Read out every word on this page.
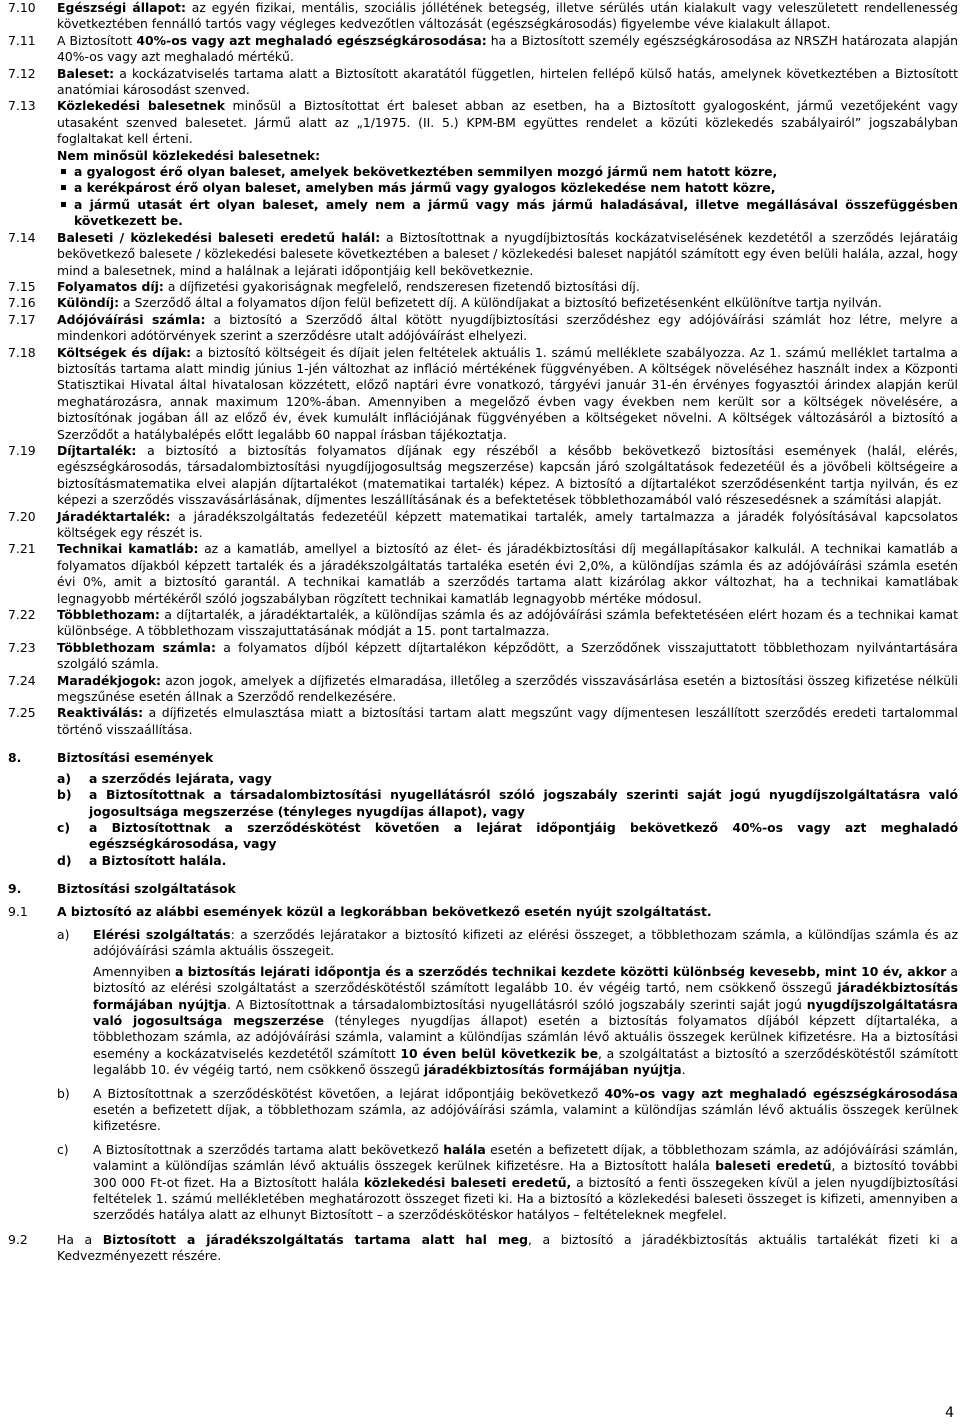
7.10	Egészségi állapot: az egyén fizikai, mentális, szociális jóllétének betegség, illetve sérülés után kialakult vagy veleszületett rendellenesség következtében fennálló tartós vagy végleges kedvezőtlen változását (egészségkárosodás) figyelembe véve kialakult állapot.
7.11	A Biztosított 40%-os vagy azt meghaladó egészségkárosodása: ha a Biztosított személy egészségkárosodása az NRSZH határozata alapján 40%-os vagy azt meghaladó mértékű.
7.12	Baleset: a kockázatviselés tartama alatt a Biztosított akaratától független, hirtelen fellépő külső hatás, amelynek következtében a Biztosított anatómiai károsodást szenved.
7.13	Közlekedési balesetnek minősül a Biztosítottat ért baleset abban az esetben, ha a Biztosított gyalogosként, jármű vezetőjeként vagy utasaként szenved balesetet. Jármű alatt az „1/1975. (II. 5.) KPM-BM együttes rendelet a közúti közlekedés szabályairól” jogszabályban foglaltakat kell érteni.
Nem minősül közlekedési balesetnek:
a gyalogost érő olyan baleset, amelyek bekövetkeztében semmilyen mozgó jármű nem hatott közre,
a kerékpárost érő olyan baleset, amelyben más jármű vagy gyalogos közlekedése nem hatott közre,
a jármű utasát ért olyan baleset, amely nem a jármű vagy más jármű haladásával, illetve megállásával összefüggésben következett be.
7.14	Baleseti / közlekedési baleseti eredetű halál: a Biztosítottnak a nyugdíjbiztosítás kockázatviselésének kezdetétől a szerződés lejáratáig bekövetkező balesete / közlekedési balesete következtében a baleset / közlekedési baleset napjától számított egy éven belüli halála, azzal, hogy mind a balesetnek, mind a halálnak a lejárati időpontjáig kell bekövetkeznie.
7.15	Folyamatos díj: a díjfizetési gyakoriságnak megfelelő, rendszeresen fizetendő biztosítási díj.
7.16	Különdíj: a Szerződő által a folyamatos díjon felül befizetett díj. A különdíjakat a biztosító befizetésenként elkülönítve tartja nyilván.
7.17	Adójóváírási számla: a biztosító a Szerződő által kötött nyugdíjbiztosítási szerződéshez egy adójóváírási számlát hoz létre, melyre a mindenkori adótörvények szerint a szerződésre utalt adójóváírást elhelyezi.
7.18	Költségek és díjak: a biztosító költségeit és díjait jelen feltételek aktuális 1. számú melléklete szabályozza. Az 1. számú melléklet tartalma a biztosítás tartama alatt mindig június 1-jén változhat az infláció mértékének függvényében. A költségek növeléséhez használt index a Központi Statisztikai Hivatal által hivatalosan közzétett, előző naptári évre vonatkozó, tárgyévi január 31-én érvényes fogyasztói árindex alapján kerül meghatározásra, annak maximum 120%-ában. Amennyiben a megelőző évben vagy években nem került sor a költségek növelésére, a biztosítónak jogában áll az előző év, évek kumulált inflációjának függvényében a költségeket növelni. A költségek változásáról a biztosító a Szerződőt a hatálybalépés előtt legalább 60 nappal írásban tájékoztatja.
7.19	Díjtartalék: a biztosító a biztosítás folyamatos díjának egy részéből a később bekövetkező biztosítási események (halál, elérés, egészségkárosodás, társadalombiztosítási nyugdíjjogosultság megszerzése) kapcsán járó szolgáltatások fedezetéül és a jövőbeli költségeire a biztosításmatematika elvei alapján díjtartalékot (matematikai tartalék) képez. A biztosító a díjtartalékot szerződésenként tartja nyilván, és ez képezi a szerződés visszavásárlásának, díjmentes leszállításának és a befektetések többlethozamából való részesedésnek a számítási alapját.
7.20	Járadéktartalék: a járadékszolgáltatás fedezetéül képzett matematikai tartalék, amely tartalmazza a járadék folyósításával kapcsolatos költségek egy részét is.
7.21	Technikai kamatláb: az a kamatláb, amellyel a biztosító az élet- és járadékbiztosítási díj megállapításakor kalkulál. A technikai kamatláb a folyamatos díjakból képzett tartalék és a járadékszolgáltatás tartaléka esetén évi 2,0%, a különdíjas számla és az adójóváírási számla esetén évi 0%, amit a biztosító garantál. A technikai kamatláb a szerződés tartama alatt kizárólag akkor változhat, ha a technikai kamatlábak legnagyobb mértékéről szóló jogszabályban rögzített technikai kamatláb legnagyobb mértéke módosul.
7.22	Többlethozam: a díjtartalék, a járadéktartalék, a különdíjas számla és az adójóváírási számla befektetéséen elért hozam és a technikai kamat különbsége. A többlethozam visszajuttatásának módját a 15. pont tartalmazza.
7.23	Többlethozam számla: a folyamatos díjból képzett díjtartalékon képződött, a Szerződőnek visszajuttatott többlethozam nyilvántartására szolgáló számla.
7.24	Maradékjogok: azon jogok, amelyek a díjfizetés elmaradása, illetőleg a szerződés visszavásárlása esetén a biztosítási összeg kifizetése nélküli megszűnése esetén állnak a Szerződő rendelkezésére.
7.25	Reaktiválás: a díjfizetés elmulasztása miatt a biztosítási tartam alatt megszűnt vagy díjmentesen leszállított szerződés eredeti tartalommal történő visszaállítása.
8.	Biztosítási események
a)	a szerződés lejárata, vagy
b)	a Biztosítottnak a társadalombiztosítási nyugellátásról szóló jogszabály szerinti saját jogú nyugdíjszolgáltatásra való jogosultsága megszerzése (tényleges nyugdíjas állapot), vagy
c)	a Biztosítottnak a szerződéskötést követően a lejárat időpontjáig bekövetkező 40%-os vagy azt meghaladó egészségkárosodása, vagy
d)	a Biztosított halála.
9.	Biztosítási szolgáltatások
9.1	A biztosító az alábbi események közül a legkorábban bekövetkező esetén nyújt szolgáltatást.
a)	Elérési szolgáltatás: a szerződés lejáratakor a biztosító kifizeti az elérési összeget, a többlethozam számla, a különdíjas számla és az adójóváírási számla aktuális összegeit.
Amennyiben a biztosítás lejárati időpontja és a szerződés technikai kezdete közötti különbség kevesebb, mint 10 év, akkor a biztosító az elérési szolgáltatást a szerződéskötéstől számított legalább 10. év végéig tartó, nem csökkenő összegű járadékbiztosítás formájában nyújtja. A Biztosítottnak a társadalombiztosítási nyugellátásról szóló jogszabály szerinti saját jogú nyugdíjszolgáltatásra való jogosultsága megszerzése (tényleges nyugdíjas állapot) esetén a biztosítás folyamatos díjából képzett díjtartaléka, a többlethozam számla, az adójóváírási számla, valamint a különdíjas számlán lévő aktuális összegek kerülnek kifizetésre. Ha a biztosítási esemény a kockázatviselés kezdetétől számított 10 éven belül következik be, a szolgáltatást a biztosító a szerződéskötéstől számított legalább 10. év végéig tartó, nem csökkenő összegű járadékbiztosítás formájában nyújtja.
b)	A Biztosítottnak a szerződéskötést követően, a lejárat időpontjáig bekövetkező 40%-os vagy azt meghaladó egészségkárosodása esetén a befizetett díjak, a többlethozam számla, az adójóváírási számla, valamint a különdíjas számlán lévő aktuális összegek kerülnek kifizetésre.
c)	A Biztosítottnak a szerződés tartama alatt bekövetkező halála esetén a befizetett díjak, a többlethozam számla, az adójóváírási számlán, valamint a különdíjas számlán lévő aktuális összegek kerülnek kifizetésre. Ha a Biztosított halála baleseti eredetű, a biztosító további 300 000 Ft-ot fizet. Ha a Biztosított halála közlekedési baleseti eredetű, a biztosító a fenti összegeken kívül a jelen nyugdíjbiztosítási feltételek 1. számú mellékletében meghatározott összeget fizeti ki. Ha a biztosító a közlekedési baleseti összeget is kifizeti, amennyiben a szerződés hatálya alatt az elhunyt Biztosított – a szerződéskötéskor hatályos – feltételeknek megfelel.
9.2	Ha a Biztosított a járadékszolgáltatás tartama alatt hal meg, a biztosító a járadékbiztosítás aktuális tartalékát fizeti ki a Kedvezményezett részére.
4
